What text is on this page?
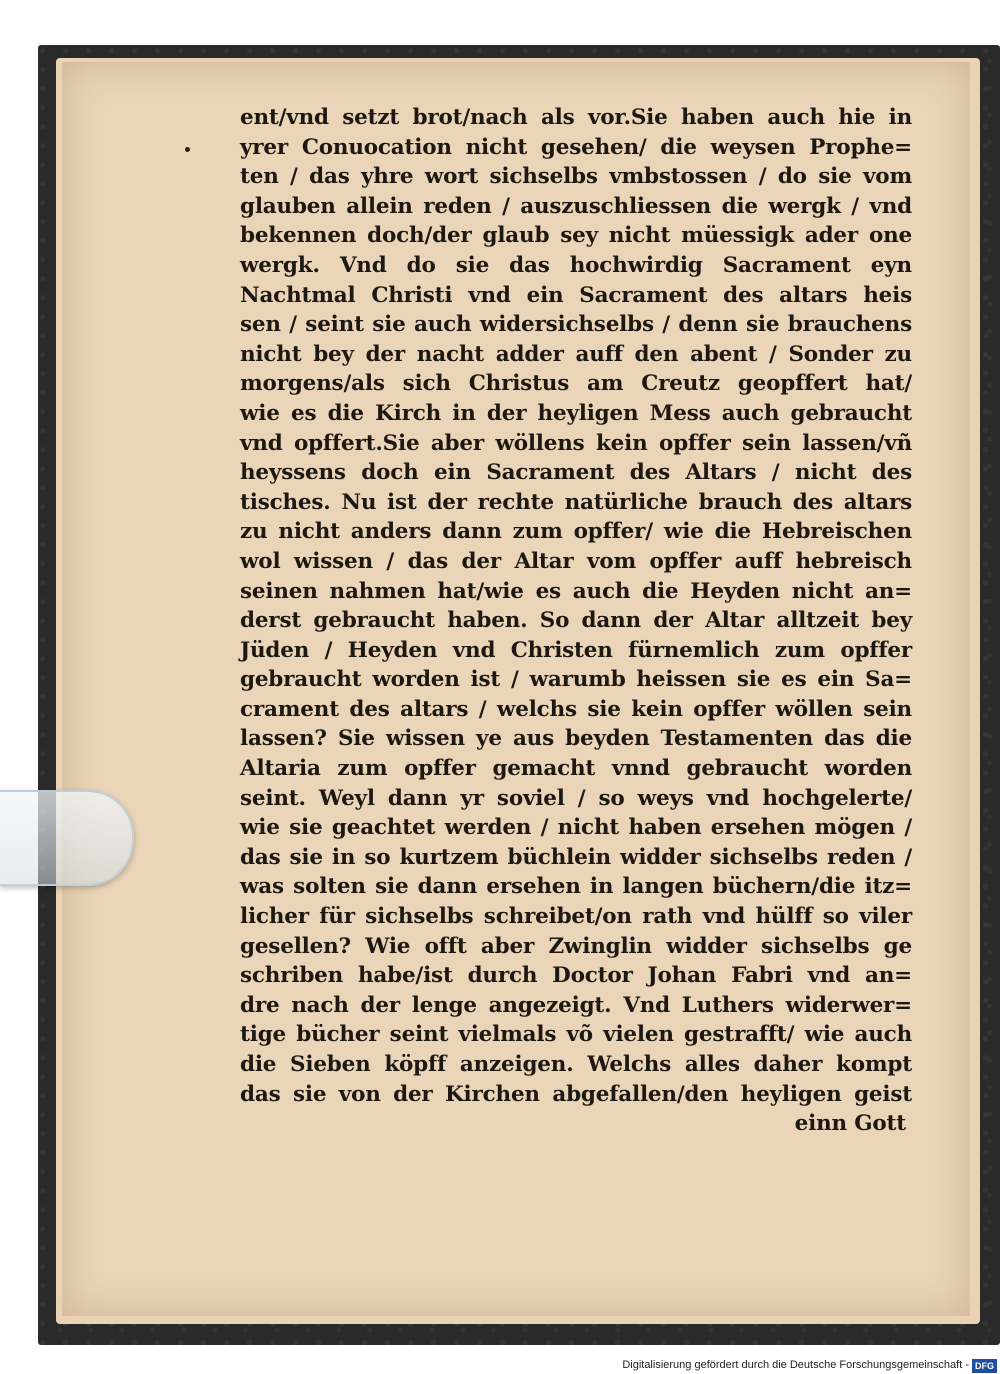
ent/vnd setzt brot/nach als vor.Sie haben auch hie in
yrer Conuocation nicht gesehen/ die weysen Prophe=
ten / das yhre wort sichselbs vmbstossen / do sie vom
glauben allein reden / auszuschliessen die wergk / vnd
bekennen doch/der glaub sey nicht müessigk ader one
wergk. Vnd do sie das hochwirdig Sacrament eyn
Nachtmal Christi vnd ein Sacrament des altars heis
sen / seint sie auch widersichselbs / denn sie brauchens
nicht bey der nacht adder auff den abent / Sonder zu
morgens/als sich Christus am Creutz geopffert hat/
wie es die Kirch in der heyligen Mess auch gebraucht
vnd opffert.Sie aber wöllens kein opffer sein lassen/vñ
heyssens doch ein Sacrament des Altars / nicht des
tisches. Nu ist der rechte natürliche brauch des altars
zu nicht anders dann zum opffer/ wie die Hebreischen
wol wissen / das der Altar vom opffer auff hebreisch
seinen nahmen hat/wie es auch die Heyden nicht an=
derst gebraucht haben. So dann der Altar alltzeit bey
Jüden / Heyden vnd Christen fürnemlich zum opffer
gebraucht worden ist / warumb heissen sie es ein Sa=
crament des altars / welchs sie kein opffer wöllen sein
lassen? Sie wissen ye aus beyden Testamenten das die
Altaria zum opffer gemacht vnnd gebraucht worden
seint. Weyl dann yr soviel / so weys vnd hochgelerte/
wie sie geachtet werden / nicht haben ersehen mögen /
das sie in so kurtzem büchlein widder sichselbs reden /
was solten sie dann ersehen in langen büchern/die itz=
licher für sichselbs schreibet/on rath vnd hülff so viler
gesellen? Wie offt aber Zwinglin widder sichselbs ge
schriben habe/ist durch Doctor Johan Fabri vnd an=
dre nach der lenge angezeigt. Vnd Luthers widerwer=
tige bücher seint vielmals võ vielen gestrafft/ wie auch
die Sieben köpff anzeigen. Welchs alles daher kompt
das sie von der Kirchen abgefallen/den heyligen geist
einn Gott
Digitalisierung gefördert durch die Deutsche Forschungsgemeinschaft - DFG
